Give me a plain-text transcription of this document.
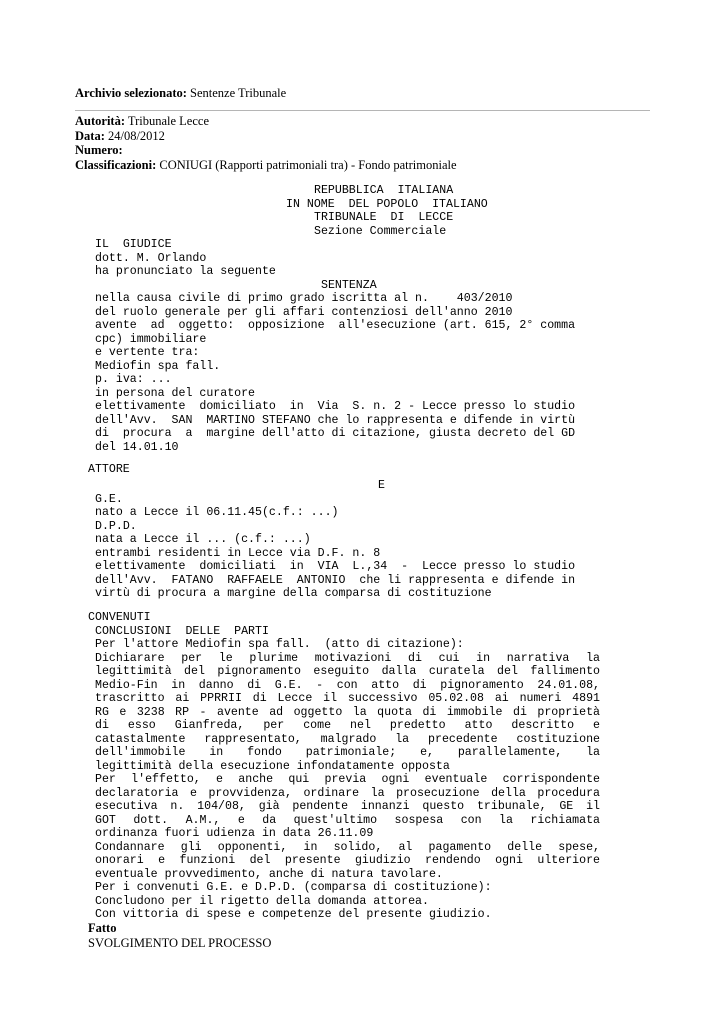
Archivio selezionato: Sentenze Tribunale
Autorità: Tribunale Lecce
Data: 24/08/2012
Numero:
Classificazioni: CONIUGI (Rapporti patrimoniali tra) - Fondo patrimoniale
REPUBBLICA  ITALIANA
IN NOME  DEL POPOLO  ITALIANO
TRIBUNALE  DI  LECCE
Sezione Commerciale
IL  GIUDICE
dott. M. Orlando
ha pronunciato la seguente
SENTENZA
nella causa civile di primo grado iscritta al n.    403/2010
del ruolo generale per gli affari contenziosi dell'anno 2010
avente  ad  oggetto:  opposizione  all'esecuzione (art. 615, 2° comma
cpc) immobiliare
e vertente tra:
Mediofin spa fall.
p. iva: ...
in persona del curatore
elettivamente  domiciliato  in  Via  S. n. 2 - Lecce presso lo studio
dell'Avv.  SAN  MARTINO STEFANO che lo rappresenta e difende in virtù
di  procura  a  margine dell'atto di citazione, giusta decreto del GD
del 14.01.10
ATTORE
E
G.E.
nato a Lecce il 06.11.45(c.f.: ...)
D.P.D.
nata a Lecce il ... (c.f.: ...)
entrambi residenti in Lecce via D.F. n. 8
elettivamente  domiciliati  in  VIA  L.,34  -  Lecce presso lo studio
dell'Avv.  FATANO  RAFFAELE  ANTONIO  che li rappresenta e difende in
virtù di procura a margine della comparsa di costituzione
CONVENUTI
CONCLUSIONI  DELLE  PARTI
Per l'attore Mediofin spa fall.  (atto di citazione):
Dichiarare per le plurime motivazioni di cui in narrativa la
legittimità del pignoramento eseguito dalla curatela del fallimento
Medio-Fin in danno di G.E. - con atto di pignoramento 24.01.08,
trascritto ai PPRRII di Lecce il successivo 05.02.08 ai numeri 4891
RG e 3238 RP - avente ad oggetto la quota di immobile di proprietà
di esso Gianfreda, per come nel predetto atto descritto e
catastalmente rappresentato, malgrado la precedente costituzione
dell'immobile in fondo patrimoniale; e, parallelamente, la
legittimità della esecuzione infondatamente opposta
Per l'effetto, e anche qui previa ogni eventuale corrispondente
declaratoria e provvidenza, ordinare la prosecuzione della procedura
esecutiva n. 104/08, già pendente innanzi questo tribunale, GE il
GOT dott. A.M., e da quest'ultimo sospesa con la richiamata
ordinanza fuori udienza in data 26.11.09
Condannare gli opponenti, in solido, al pagamento delle spese,
onorari e funzioni del presente giudizio rendendo ogni ulteriore
eventuale provvedimento, anche di natura tavolare.
Per i convenuti G.E. e D.P.D. (comparsa di costituzione):
Concludono per il rigetto della domanda attorea.
Con vittoria di spese e competenze del presente giudizio.
Fatto
SVOLGIMENTO DEL PROCESSO
